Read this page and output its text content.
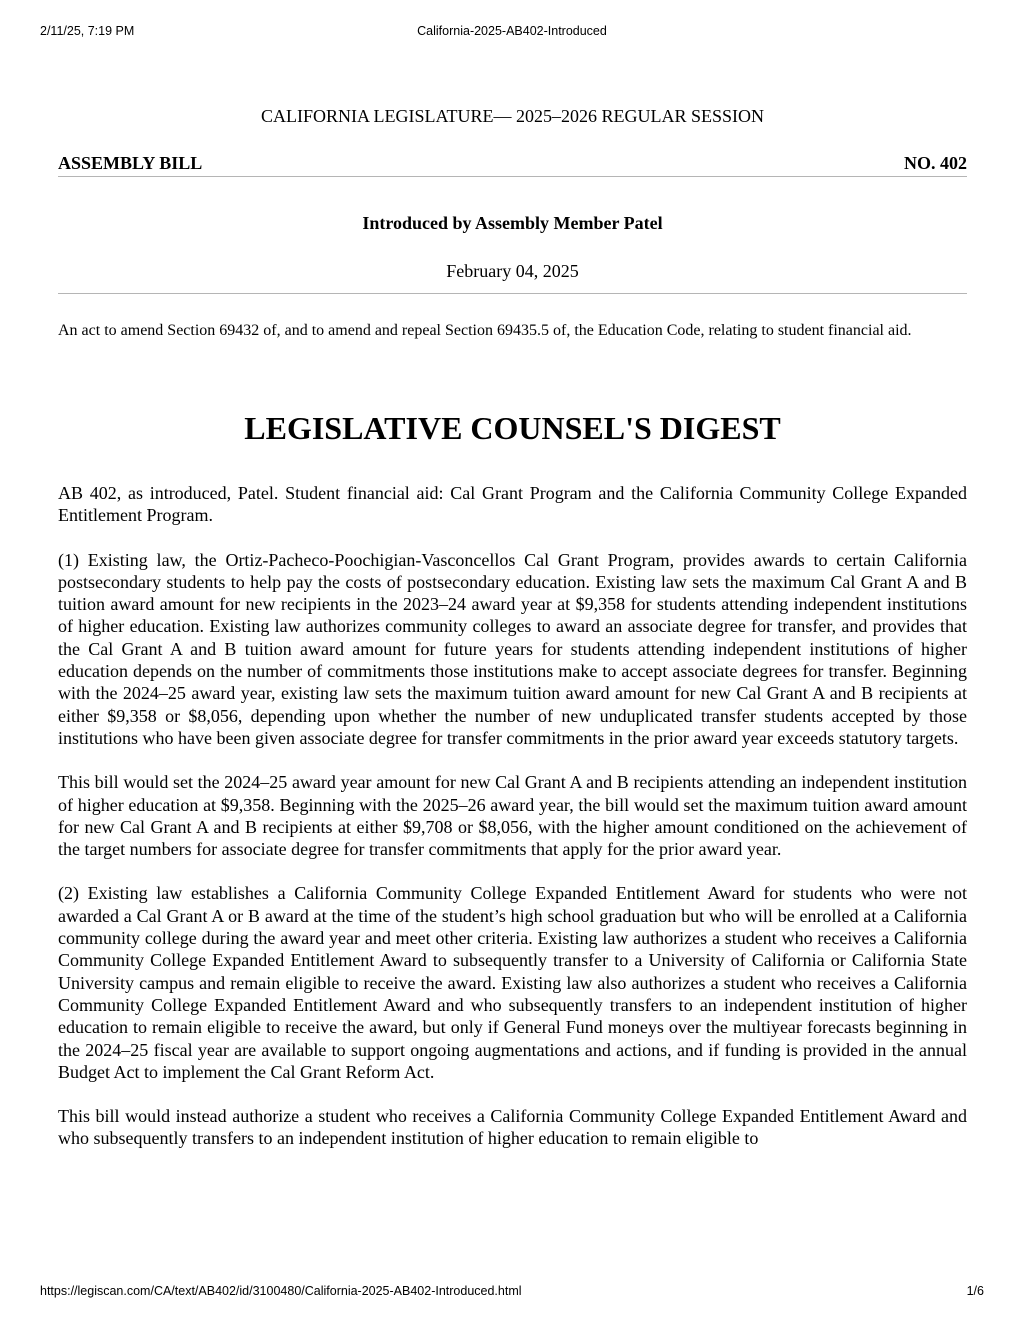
2/11/25, 7:19 PM	California-2025-AB402-Introduced
CALIFORNIA LEGISLATURE— 2025–2026 REGULAR SESSION
ASSEMBLY BILL	NO. 402
Introduced by Assembly Member Patel
February 04, 2025
An act to amend Section 69432 of, and to amend and repeal Section 69435.5 of, the Education Code, relating to student financial aid.
LEGISLATIVE COUNSEL'S DIGEST

AB 402, as introduced, Patel. Student financial aid: Cal Grant Program and the California Community College Expanded Entitlement Program.

(1) Existing law, the Ortiz-Pacheco-Poochigian-Vasconcellos Cal Grant Program, provides awards to certain California postsecondary students to help pay the costs of postsecondary education. Existing law sets the maximum Cal Grant A and B tuition award amount for new recipients in the 2023–24 award year at $9,358 for students attending independent institutions of higher education. Existing law authorizes community colleges to award an associate degree for transfer, and provides that the Cal Grant A and B tuition award amount for future years for students attending independent institutions of higher education depends on the number of commitments those institutions make to accept associate degrees for transfer. Beginning with the 2024–25 award year, existing law sets the maximum tuition award amount for new Cal Grant A and B recipients at either $9,358 or $8,056, depending upon whether the number of new unduplicated transfer students accepted by those institutions who have been given associate degree for transfer commitments in the prior award year exceeds statutory targets.

This bill would set the 2024–25 award year amount for new Cal Grant A and B recipients attending an independent institution of higher education at $9,358. Beginning with the 2025–26 award year, the bill would set the maximum tuition award amount for new Cal Grant A and B recipients at either $9,708 or $8,056, with the higher amount conditioned on the achievement of the target numbers for associate degree for transfer commitments that apply for the prior award year.

(2) Existing law establishes a California Community College Expanded Entitlement Award for students who were not awarded a Cal Grant A or B award at the time of the student’s high school graduation but who will be enrolled at a California community college during the award year and meet other criteria. Existing law authorizes a student who receives a California Community College Expanded Entitlement Award to subsequently transfer to a University of California or California State University campus and remain eligible to receive the award. Existing law also authorizes a student who receives a California Community College Expanded Entitlement Award and who subsequently transfers to an independent institution of higher education to remain eligible to receive the award, but only if General Fund moneys over the multiyear forecasts beginning in the 2024–25 fiscal year are available to support ongoing augmentations and actions, and if funding is provided in the annual Budget Act to implement the Cal Grant Reform Act.

This bill would instead authorize a student who receives a California Community College Expanded Entitlement Award and who subsequently transfers to an independent institution of higher education to remain eligible to

https://legiscan.com/CA/text/AB402/id/3100480/California-2025-AB402-Introduced.html	1/6
